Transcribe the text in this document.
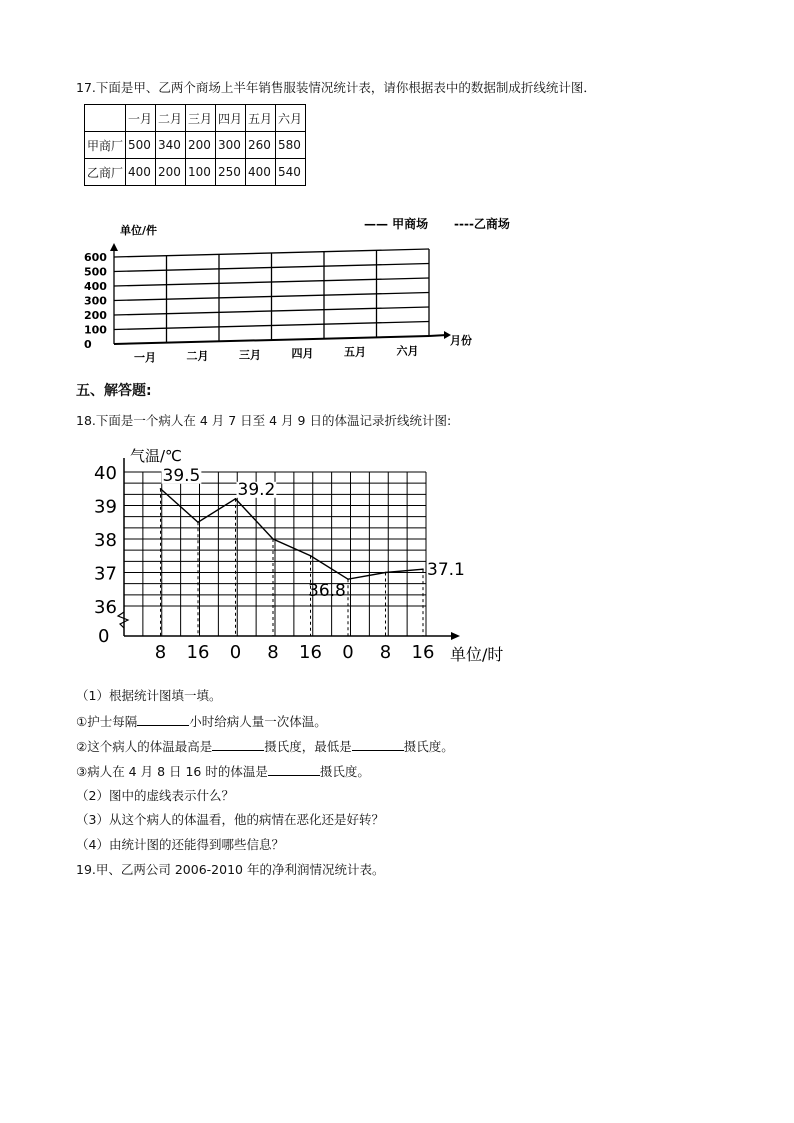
17.下面是甲、乙两个商场上半年销售服装情况统计表，请你根据表中的数据制成折线统计图．
	一月	二月	三月	四月	五月	六月
甲商厂	500	340	200	300	260	580
乙商厂	400	200	100	250	400	540
0
100
200
300
400
500
600
一月	二月	三月	四月	五月	六月
单位/件	—— 甲商场 ----乙商场
月份
五、解答题:
18.下面是一个病人在 4 月 7 日至 4 月 9 日的体温记录折线统计图:
40
39
38
37
36
0
8 16 0 8 16 0 8 16
39.5
39.2
36.8
37.1
气温/℃
单位/时
（1）根据统计图填一填。
①护士每隔	小时给病人量一次体温。
②这个病人的体温最高是	摄氏度，最低是	摄氏度。
③病人在 4 月 8 日 16 时的体温是	摄氏度。
（2）图中的虚线表示什么？
（3）从这个病人的体温看，他的病情在恶化还是好转？
（4）由统计图的还能得到哪些信息？
19.甲、乙两公司 2006-2010 年的净利润情况统计表。
